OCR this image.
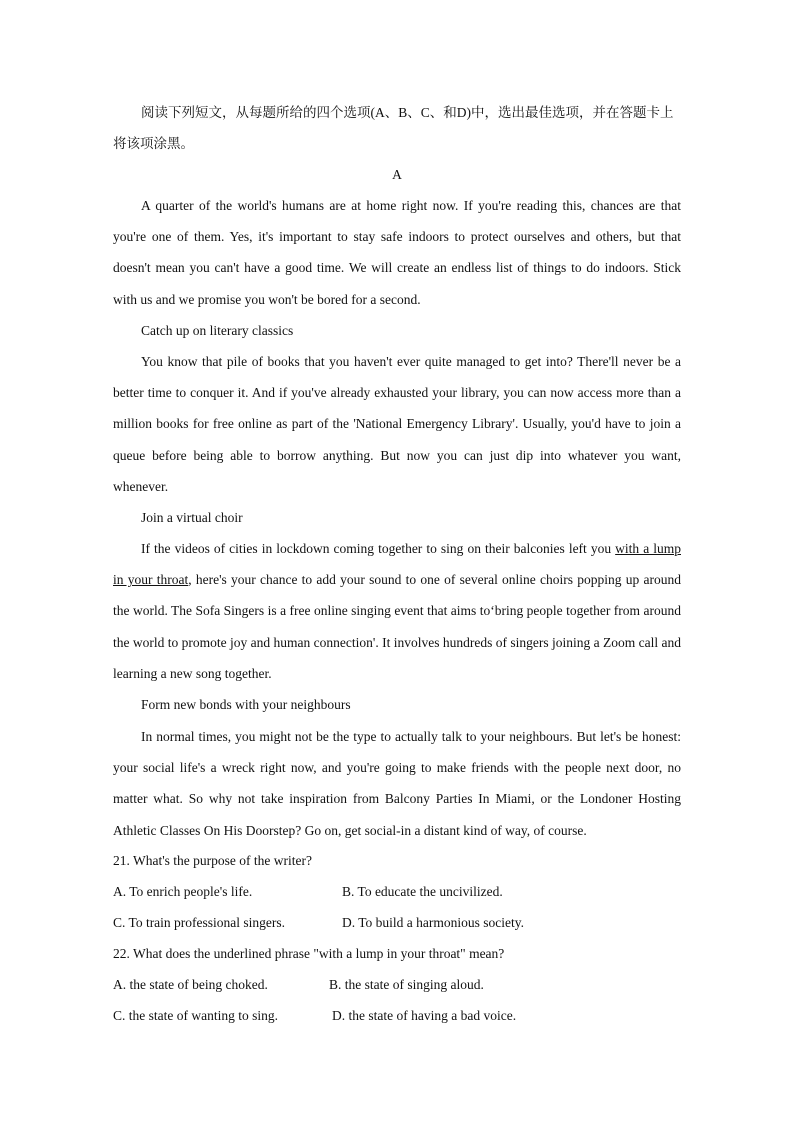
阅读下列短文，从每题所给的四个选项(A、B、C、和D)中，选出最佳选项，并在答题卡上将该项涂黑。
A
A quarter of the world's humans are at home right now. If you're reading this, chances are that you're one of them. Yes, it's important to stay safe indoors to protect ourselves and others, but that doesn't mean you can't have a good time. We will create an endless list of things to do indoors. Stick with us and we promise you won't be bored for a second.
Catch up on literary classics
You know that pile of books that you haven't ever quite managed to get into? There'll never be a better time to conquer it. And if you've already exhausted your library, you can now access more than a million books for free online as part of the 'National Emergency Library'. Usually, you'd have to join a queue before being able to borrow anything. But now you can just dip into whatever you want, whenever.
Join a virtual choir
If the videos of cities in lockdown coming together to sing on their balconies left you with a lump in your throat, here's your chance to add your sound to one of several online choirs popping up around the world. The Sofa Singers is a free online singing event that aims to‘bring people together from around the world to promote joy and human connection'. It involves hundreds of singers joining a Zoom call and learning a new song together.
Form new bonds with your neighbours
In normal times, you might not be the type to actually talk to your neighbours. But let's be honest: your social life's a wreck right now, and you're going to make friends with the people next door, no matter what. So why not take inspiration from Balcony Parties In Miami, or the Londoner Hosting Athletic Classes On His Doorstep? Go on, get social-in a distant kind of way, of course.
21. What's the purpose of the writer?
A. To enrich people's life.	B. To educate the uncivilized.
C. To train professional singers.	D. To build a harmonious society.
22. What does the underlined phrase "with a lump in your throat" mean?
A. the state of being choked.	B. the state of singing aloud.
C. the state of wanting to sing.	D. the state of having a bad voice.
